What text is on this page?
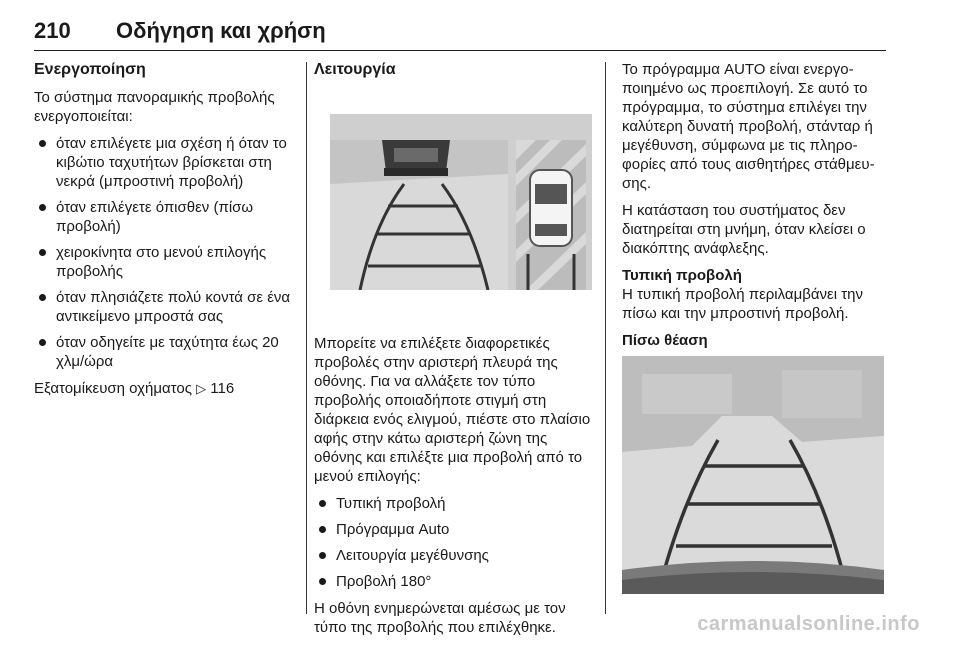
210 Οδήγηση και χρήση
Ενεργοποίηση

Το σύστημα πανοραμικής προβολής ενεργοποιείται:

όταν επιλέγετε μια σχέση ή όταν το κιβώτιο ταχυτήτων βρίσκεται στη νεκρά (μπροστινή προβολή)
όταν επιλέγετε όπισθεν (πίσω προβολή)
χειροκίνητα στο μενού επιλογής προβολής
όταν πλησιάζετε πολύ κοντά σε ένα αντικείμενο μπροστά σας
όταν οδηγείτε με ταχύτητα έως 20 χλμ/ώρα

Εξατομίκευση οχήματος ▷ 116

Λειτουργία

Μπορείτε να επιλέξετε διαφορετικές προβολές στην αριστερή πλευρά της οθόνης. Για να αλλάξετε τον τύπο προβολής οποιαδήποτε στιγμή στη διάρκεια ενός ελιγμού, πιέστε στο πλαίσιο αφής στην κάτω αριστερή ζώνη της οθόνης και επιλέξτε μια προβολή από το μενού επιλογής:

Τυπική προβολή
Πρόγραμμα Auto
Λειτουργία μεγέθυνσης
Προβολή 180°

Η οθόνη ενημερώνεται αμέσως με τον τύπο της προβολής που επιλέχθηκε.

Το πρόγραμμα AUTO είναι ενεργοποιημένο ως προεπιλογή. Σε αυτό το πρόγραμμα, το σύστημα επιλέγει την καλύτερη δυνατή προβολή, στάνταρ ή μεγέθυνση, σύμφωνα με τις πληροφορίες από τους αισθητήρες στάθμευσης.

Η κατάσταση του συστήματος δεν διατηρείται στη μνήμη, όταν κλείσει ο διακόπτης ανάφλεξης.

Τυπική προβολή

Η τυπική προβολή περιλαμβάνει την πίσω και την μπροστινή προβολή.

Πίσω θέαση
carmanualsonline.info
